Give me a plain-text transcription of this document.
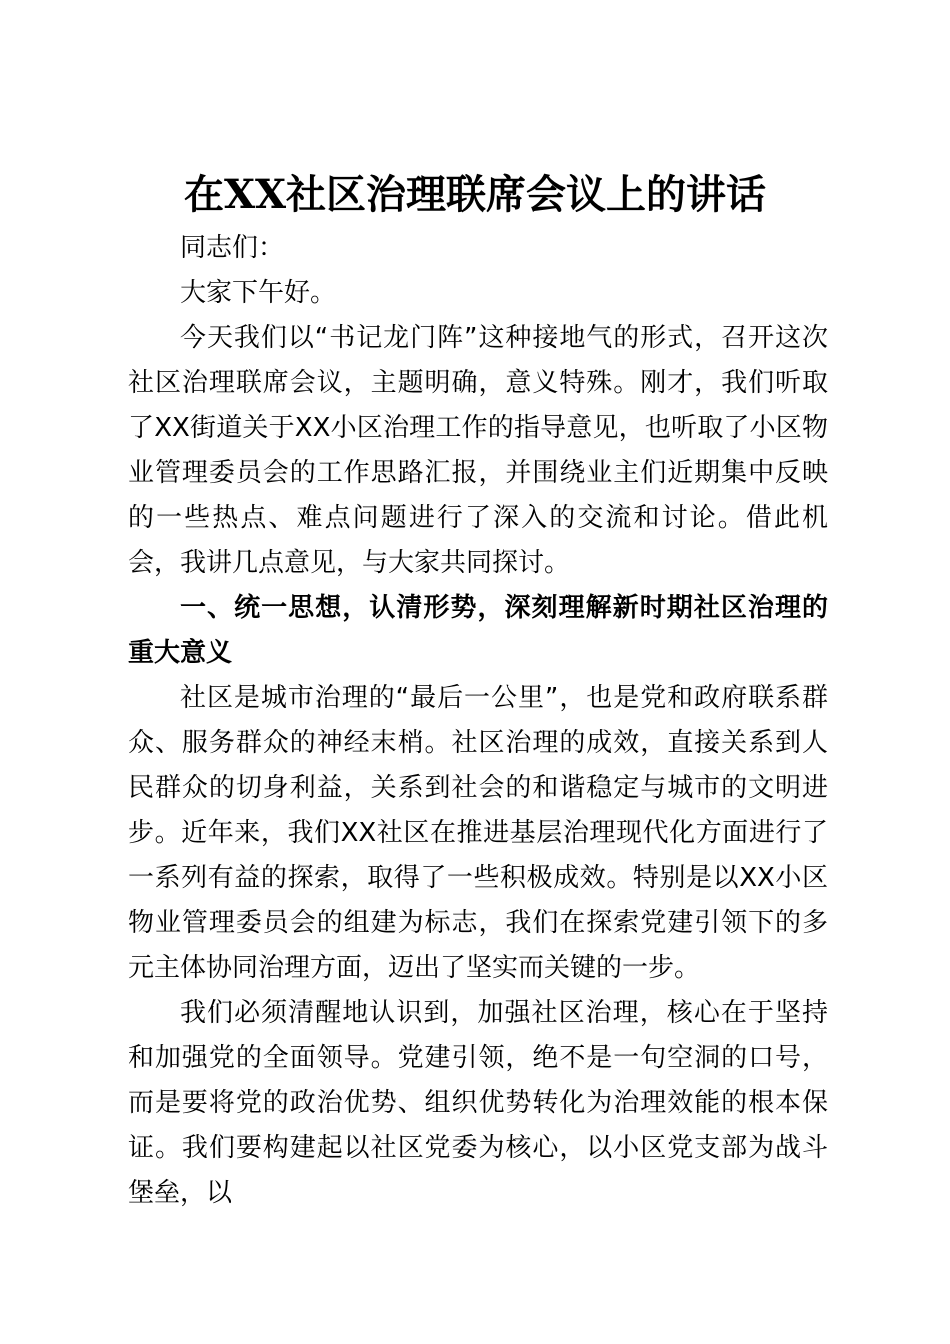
在XX社区治理联席会议上的讲话

同志们：

大家下午好。

今天我们以“书记龙门阵”这种接地气的形式，召开这次社区治理联席会议，主题明确，意义特殊。刚才，我们听取了XX街道关于XX小区治理工作的指导意见，也听取了小区物业管理委员会的工作思路汇报，并围绕业主们近期集中反映的一些热点、难点问题进行了深入的交流和讨论。借此机会，我讲几点意见，与大家共同探讨。

一、统一思想，认清形势，深刻理解新时期社区治理的重大意义

社区是城市治理的“最后一公里”，也是党和政府联系群众、服务群众的神经末梢。社区治理的成效，直接关系到人民群众的切身利益，关系到社会的和谐稳定与城市的文明进步。近年来，我们XX社区在推进基层治理现代化方面进行了一系列有益的探索，取得了一些积极成效。特别是以XX小区物业管理委员会的组建为标志，我们在探索党建引领下的多元主体协同治理方面，迈出了坚实而关键的一步。

我们必须清醒地认识到，加强社区治理，核心在于坚持和加强党的全面领导。党建引领，绝不是一句空洞的口号，而是要将党的政治优势、组织优势转化为治理效能的根本保证。我们要构建起以社区党委为核心，以小区党支部为战斗堡垒，以
